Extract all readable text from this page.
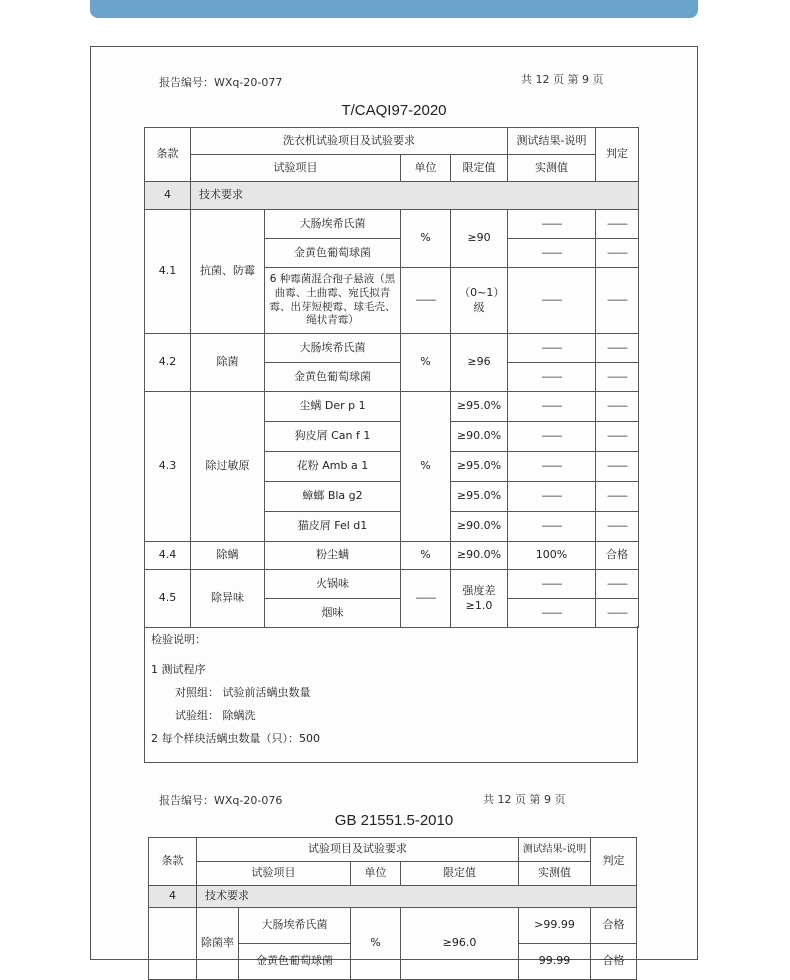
报告编号：WXq-20-077	共 12 页 第 9 页
T/CAQI97-2020
条款	洗衣机试验项目及试验要求				测试结果-说明	判定
	试验项目		单位	限定值	实测值	
4	技术要求					
4.1	抗菌、防霉	大肠埃希氏菌	%	≥90	——	——
		金黄色葡萄球菌			——	——
		6 种霉菌混合孢子悬液（黑曲霉、土曲霉、宛氏拟青霉、出芽短梗霉、球毛壳、绳状青霉）	——	（0~1）级	——	——
4.2	除菌	大肠埃希氏菌	%	≥96	——	——
		金黄色葡萄球菌			——	——
4.3	除过敏原	尘螨 Der p 1	%	≥95.0%	——	——
		狗皮屑 Can f 1		≥90.0%	——	——
		花粉 Amb a 1		≥95.0%	——	——
		蟑螂 Bla g2		≥95.0%	——	——
		猫皮屑 Fel d1		≥90.0%	——	——
4.4	除螨	粉尘螨	%	≥90.0%	100%	合格
4.5	除异味	火锅味	——	强度差≥1.0	——	——
		烟味			——	——
检验说明：
1 测试程序
对照组： 试验前活螨虫数量
试验组： 除螨洗
2 每个样块活螨虫数量（只）：500
报告编号：WXq-20-076	共 12 页 第 9 页
GB 21551.5-2010
条款	试验项目及试验要求				测试结果-说明	判定
	试验项目		单位	限定值	实测值	
4	技术要求					
	除菌率	大肠埃希氏菌	%	≥96.0	>99.99	合格
		金黄色葡萄球菌			99.99	合格
